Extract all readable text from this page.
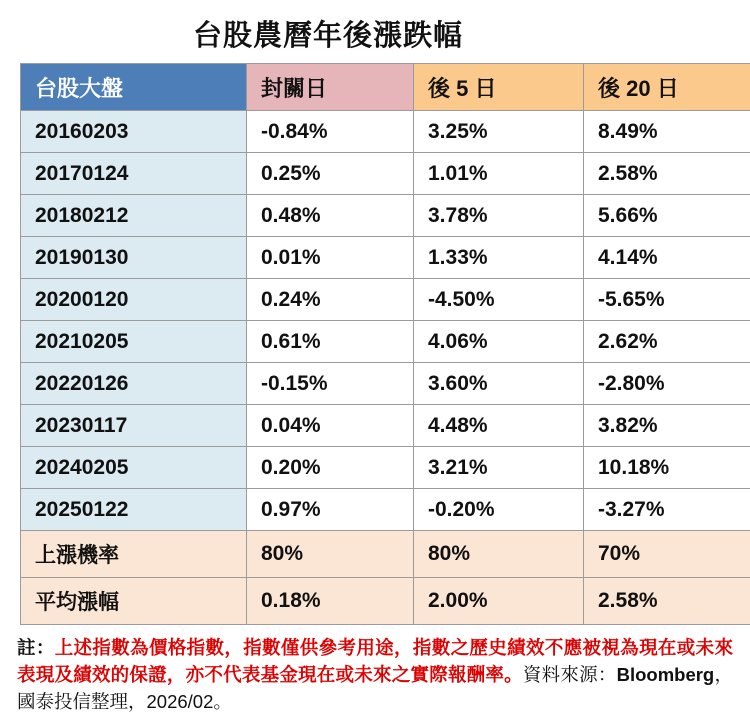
台股農曆年後漲跌幅
台股大盤	封關日	後 5 日	後 20 日
20160203	-0.84%	3.25%	8.49%
20170124	0.25%	1.01%	2.58%
20180212	0.48%	3.78%	5.66%
20190130	0.01%	1.33%	4.14%
20200120	0.24%	-4.50%	-5.65%
20210205	0.61%	4.06%	2.62%
20220126	-0.15%	3.60%	-2.80%
20230117	0.04%	4.48%	3.82%
20240205	0.20%	3.21%	10.18%
20250122	0.97%	-0.20%	-3.27%
上漲機率	80%	80%	70%
平均漲幅	0.18%	2.00%	2.58%

註：上述指數為價格指數，指數僅供參考用途，指數之歷史績效不應被視為現在或未來表現及績效的保證，亦不代表基金現在或未來之實際報酬率。資料來源：Bloomberg，國泰投信整理，2026/02。
